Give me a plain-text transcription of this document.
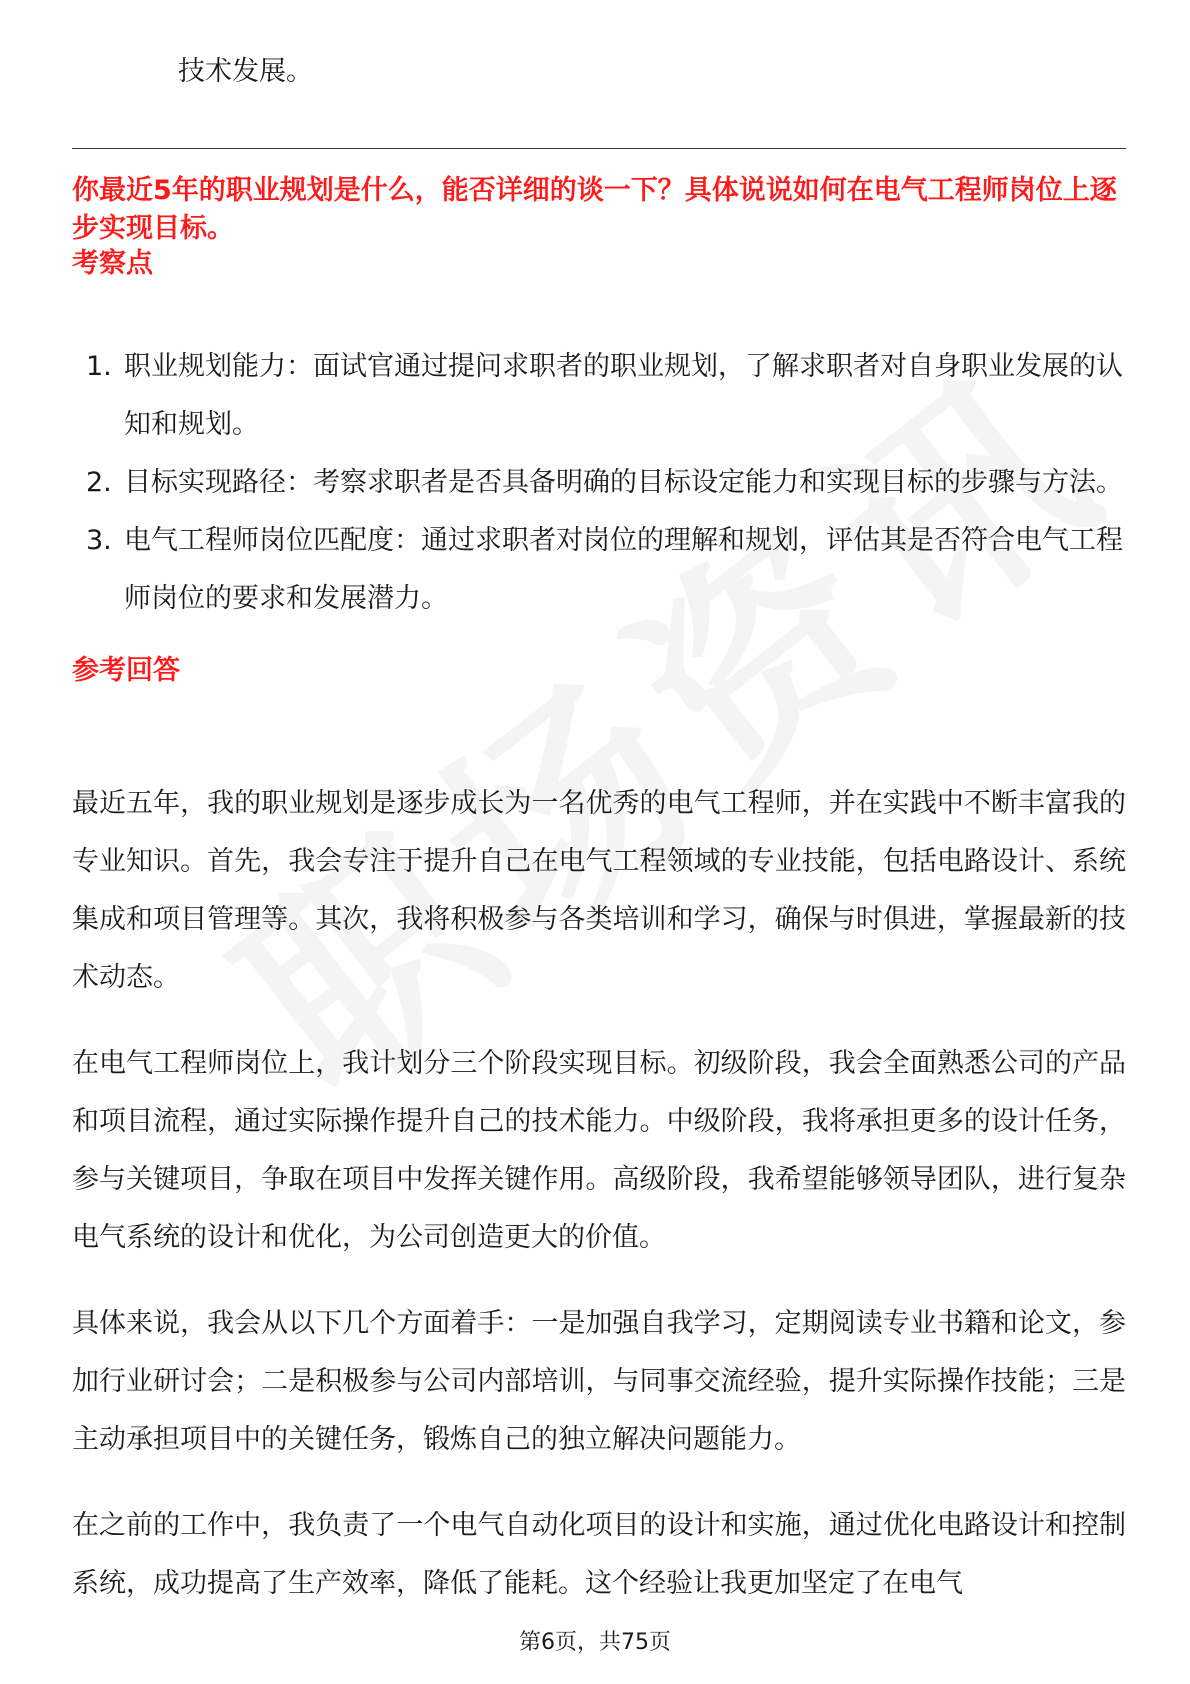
技术发展。
你最近5年的职业规划是什么，能否详细的谈一下？具体说说如何在电气工程师岗位上逐步实现目标。
考察点
1. 职业规划能力：面试官通过提问求职者的职业规划，了解求职者对自身职业发展的认知和规划。
2. 目标实现路径：考察求职者是否具备明确的目标设定能力和实现目标的步骤与方法。
3. 电气工程师岗位匹配度：通过求职者对岗位的理解和规划，评估其是否符合电气工程师岗位的要求和发展潜力。
参考回答

最近五年，我的职业规划是逐步成长为一名优秀的电气工程师，并在实践中不断丰富我的专业知识。首先，我会专注于提升自己在电气工程领域的专业技能，包括电路设计、系统集成和项目管理等。其次，我将积极参与各类培训和学习，确保与时俱进，掌握最新的技术动态。

在电气工程师岗位上，我计划分三个阶段实现目标。初级阶段，我会全面熟悉公司的产品和项目流程，通过实际操作提升自己的技术能力。中级阶段，我将承担更多的设计任务，参与关键项目，争取在项目中发挥关键作用。高级阶段，我希望能够领导团队，进行复杂电气系统的设计和优化，为公司创造更大的价值。

具体来说，我会从以下几个方面着手：一是加强自我学习，定期阅读专业书籍和论文，参加行业研讨会；二是积极参与公司内部培训，与同事交流经验，提升实际操作技能；三是主动承担项目中的关键任务，锻炼自己的独立解决问题能力。

在之前的工作中，我负责了一个电气自动化项目的设计和实施，通过优化电路设计和控制系统，成功提高了生产效率，降低了能耗。这个经验让我更加坚定了在电气

第6页，共75页
